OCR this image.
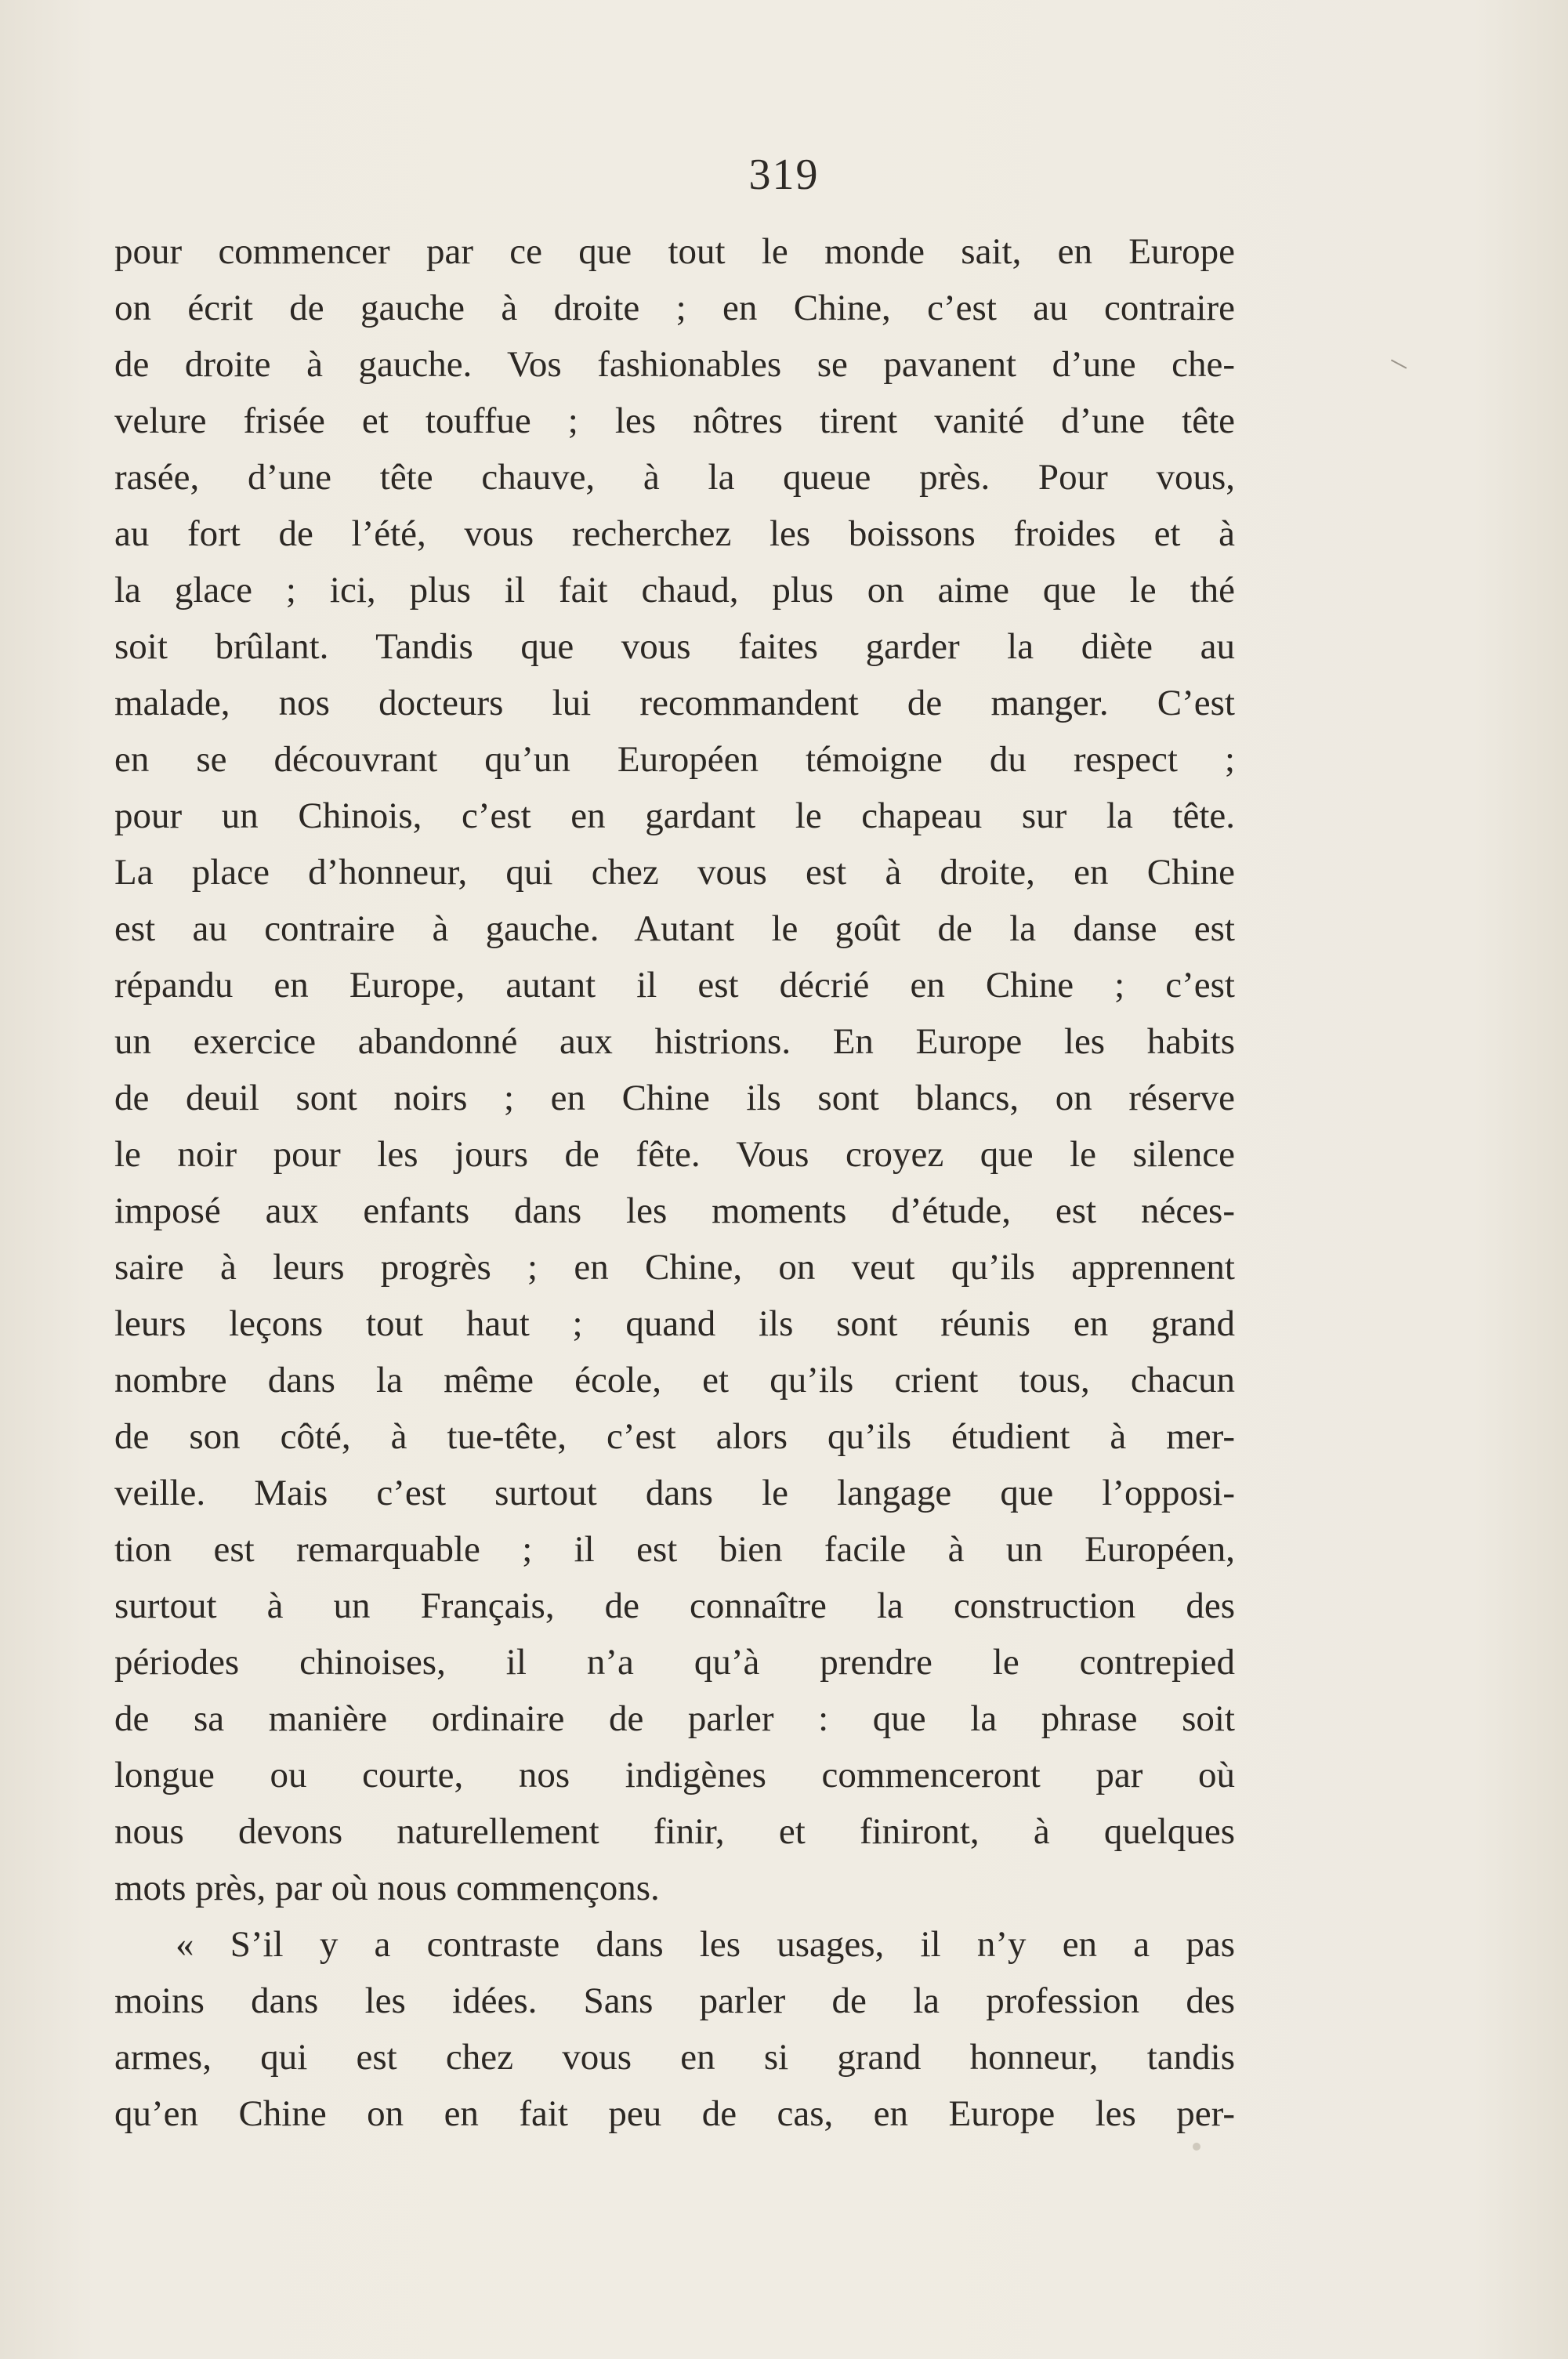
319
pour commencer par ce que tout le monde sait, en Europe
on écrit de gauche à droite ; en Chine, c’est au contraire
de droite à gauche. Vos fashionables se pavanent d’une che-
velure frisée et touffue ; les nôtres tirent vanité d’une tête
rasée, d’une tête chauve, à la queue près. Pour vous,
au fort de l’été, vous recherchez les boissons froides et à
la glace ; ici, plus il fait chaud, plus on aime que le thé
soit brûlant. Tandis que vous faites garder la diète au
malade, nos docteurs lui recommandent de manger. C’est
en se découvrant qu’un Européen témoigne du respect ;
pour un Chinois, c’est en gardant le chapeau sur la tête.
La place d’honneur, qui chez vous est à droite, en Chine
est au contraire à gauche. Autant le goût de la danse est
répandu en Europe, autant il est décrié en Chine ; c’est
un exercice abandonné aux histrions. En Europe les habits
de deuil sont noirs ; en Chine ils sont blancs, on réserve
le noir pour les jours de fête. Vous croyez que le silence
imposé aux enfants dans les moments d’étude, est néces-
saire à leurs progrès ; en Chine, on veut qu’ils apprennent
leurs leçons tout haut ; quand ils sont réunis en grand
nombre dans la même école, et qu’ils crient tous, chacun
de son côté, à tue-tête, c’est alors qu’ils étudient à mer-
veille. Mais c’est surtout dans le langage que l’opposi-
tion est remarquable ; il est bien facile à un Européen,
surtout à un Français, de connaître la construction des
périodes chinoises, il n’a qu’à prendre le contrepied
de sa manière ordinaire de parler : que la phrase soit
longue ou courte, nos indigènes commenceront par où
nous devons naturellement finir, et finiront, à quelques
mots près, par où nous commençons.
« S’il y a contraste dans les usages, il n’y en a pas
moins dans les idées. Sans parler de la profession des
armes, qui est chez vous en si grand honneur, tandis
qu’en Chine on en fait peu de cas, en Europe les per-
